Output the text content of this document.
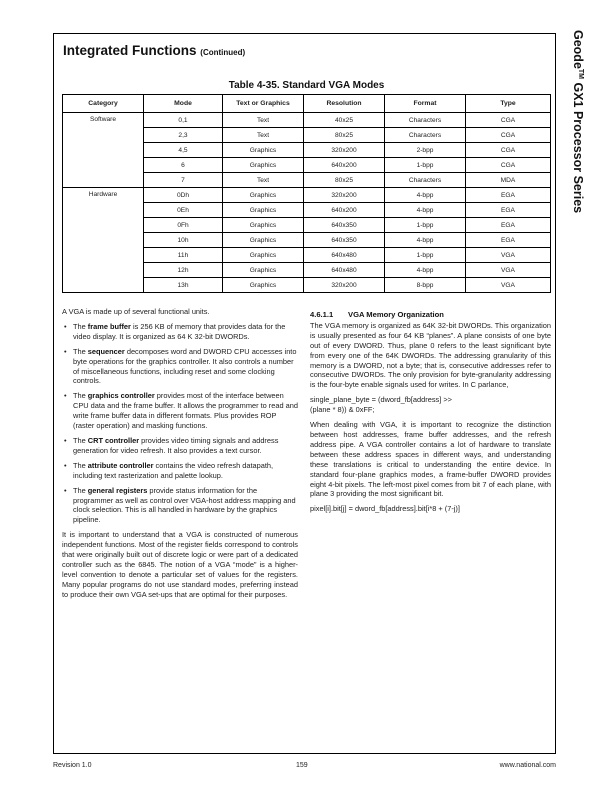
Integrated Functions (Continued)	Geode™ GX1 Processor Series
Table 4-35. Standard VGA Modes
Category	Mode	Text or Graphics	Resolution	Format	Type
Software	0,1	Text	40x25	Characters	CGA
	2,3	Text	80x25	Characters	CGA
	4,5	Graphics	320x200	2-bpp	CGA
	6	Graphics	640x200	1-bpp	CGA
	7	Text	80x25	Characters	MDA
Hardware	0Dh	Graphics	320x200	4-bpp	EGA
	0Eh	Graphics	640x200	4-bpp	EGA
	0Fh	Graphics	640x350	1-bpp	EGA
	10h	Graphics	640x350	4-bpp	EGA
	11h	Graphics	640x480	1-bpp	VGA
	12h	Graphics	640x480	4-bpp	VGA
	13h	Graphics	320x200	8-bpp	VGA

A VGA is made up of several functional units.

• The frame buffer is 256 KB of memory that provides data for the video display. It is organized as 64 K 32-bit DWORDs.
• The sequencer decomposes word and DWORD CPU accesses into byte operations for the graphics controller. It also controls a number of miscellaneous functions, including reset and some clocking controls.
• The graphics controller provides most of the interface between CPU data and the frame buffer. It allows the programmer to read and write frame buffer data in different formats. Plus provides ROP (raster operation) and masking functions.
• The CRT controller provides video timing signals and address generation for video refresh. It also provides a text cursor.
• The attribute controller contains the video refresh datapath, including text rasterization and palette lookup.
• The general registers provide status information for the programmer as well as control over VGA-host address mapping and clock selection. This is all handled in hardware by the graphics pipeline.

It is important to understand that a VGA is constructed of numerous independent functions. Most of the register fields correspond to controls that were originally built out of discrete logic or were part of a dedicated controller such as the 6845. The notion of a VGA “mode” is a higher-level convention to denote a particular set of values for the registers. Many popular programs do not use standard modes, preferring instead to produce their own VGA set-ups that are optimal for their purposes.

4.6.1.1 VGA Memory Organization

The VGA memory is organized as 64K 32-bit DWORDs. This organization is usually presented as four 64 KB “planes”. A plane consists of one byte out of every DWORD. Thus, plane 0 refers to the least significant byte from every one of the 64K DWORDs. The addressing granularity of this memory is a DWORD, not a byte; that is, consecutive addresses refer to consecutive DWORDs. The only provision for byte-granularity addressing is the four-byte enable signals used for writes. In C parlance,

single_plane_byte = (dword_fb[address] >>
(plane * 8)) & 0xFF;

When dealing with VGA, it is important to recognize the distinction between host addresses, frame buffer addresses, and the refresh address pipe. A VGA controller contains a lot of hardware to translate between these address spaces in different ways, and understanding these translations is critical to understanding the entire device. In standard four-plane graphics modes, a frame-buffer DWORD provides eight 4-bit pixels. The left-most pixel comes from bit 7 of each plane, with plane 3 providing the most significant bit.

pixel[i].bit[j] = dword_fb[address].bit[i*8 + (7-j)]
Revision 1.0	159	www.national.com
